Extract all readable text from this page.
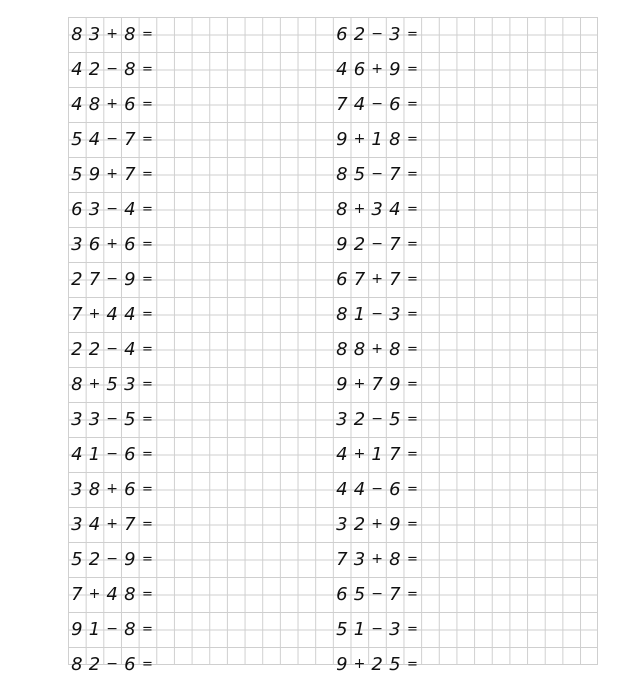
8 3 + 8 =
4 2 − 8 =
4 8 + 6 =
5 4 − 7 =
5 9 + 7 =
6 3 − 4 =
3 6 + 6 =
2 7 − 9 =
7 + 4 4 =
2 2 − 4 =
8 + 5 3 =
3 3 − 5 =
4 1 − 6 =
3 8 + 6 =
3 4 + 7 =
5 2 − 9 =
7 + 4 8 =
9 1 − 8 =
8 2 − 6 =
6 2 − 3 =
4 6 + 9 =
7 4 − 6 =
9 + 1 8 =
8 5 − 7 =
8 + 3 4 =
9 2 − 7 =
6 7 + 7 =
8 1 − 3 =
8 8 + 8 =
9 + 7 9 =
3 2 − 5 =
4 + 1 7 =
4 4 − 6 =
3 2 + 9 =
7 3 + 8 =
6 5 − 7 =
5 1 − 3 =
9 + 2 5 =
